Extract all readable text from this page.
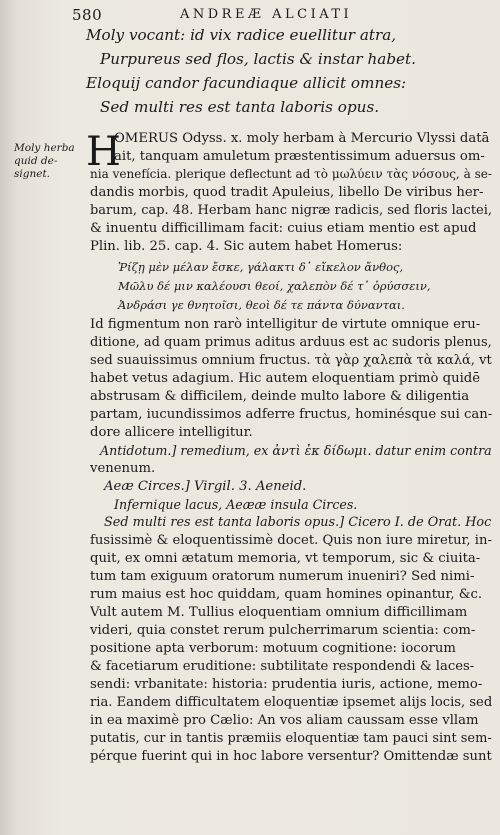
580	ANDREÆ ALCIATI
Moly vocant: id vix radice euellitur atra,
Purpureus sed flos, lactis & instar habet.
Eloquij candor facundiaque allicit omnes:
Sed multi res est tanta laboris opus.
Moly herba
quid de-
signet. H
OMERUS Odyss. x. moly herbam à Mercurio Vlyssi datā
ait, tanquam amuletum præstentissimum aduersus om-
nia venefícia. plerique deflectunt ad τὸ μωλύειν τὰς νόσους, à se-
dandis morbis, quod tradit Apuleius, libello De viribus her-
barum, cap. 48. Herbam hanc nigræ radicis, sed floris lactei,
& inuentu difficillimam facit: cuius etiam mentio est apud
Plin. lib. 25. cap. 4. Sic autem habet Homerus:
Ῥίζῃ μὲν μέλαν ἔσκε, γάλακτι δ᾽ εἴκελον ἄνθος,
Μῶλυ δέ μιν καλέουσι θεοί, χαλεπὸν δέ τ᾽ ὀρύσσειν,
Ἀνδράσι γε θνητοῖσι, θεοὶ δέ τε πάντα δύνανται.
Id figmentum non rarò intelligitur de virtute omnique eru-
ditione, ad quam primus aditus arduus est ac sudoris plenus,
sed suauissimus omnium fructus. τὰ γὰρ χαλεπὰ τὰ καλά, vt
habet vetus adagium. Hic autem eloquentiam primò quidē
abstrusam & difficilem, deinde multo labore & diligentia
partam, iucundissimos adferre fructus, hominésque sui can-
dore allicere intelligitur.
Antidotum.] remedium, ex ἀντὶ ἐκ δίδωμι. datur enim contra
venenum.
Aeæ Circes.] Virgil. 3. Aeneid.
Infernique lacus, Aeææ insula Circes.
Sed multi res est tanta laboris opus.] Cicero I. de Orat. Hoc
fusissimè & eloquentissimè docet. Quis non iure miretur, in-
quit, ex omni ætatum memoria, vt temporum, sic & ciuita-
tum tam exiguum oratorum numerum inueniri? Sed nimi-
rum maius est hoc quiddam, quam homines opinantur, &c.
Vult autem M. Tullius eloquentiam omnium difficillimam
videri, quia constet rerum pulcherrimarum scientia: com-
positione apta verborum: motuum cognitione: iocorum
& facetiarum eruditione: subtilitate respondendi & laces-
sendi: vrbanitate: historia: prudentia iuris, actione, memo-
ria. Eandem difficultatem eloquentiæ ipsemet alijs locis, sed
in ea maximè pro Cælio: An vos aliam caussam esse vllam
putatis, cur in tantis præmiis eloquentiæ tam pauci sint sem-
pérque fuerint qui in hoc labore versentur? Omittendæ sunt
